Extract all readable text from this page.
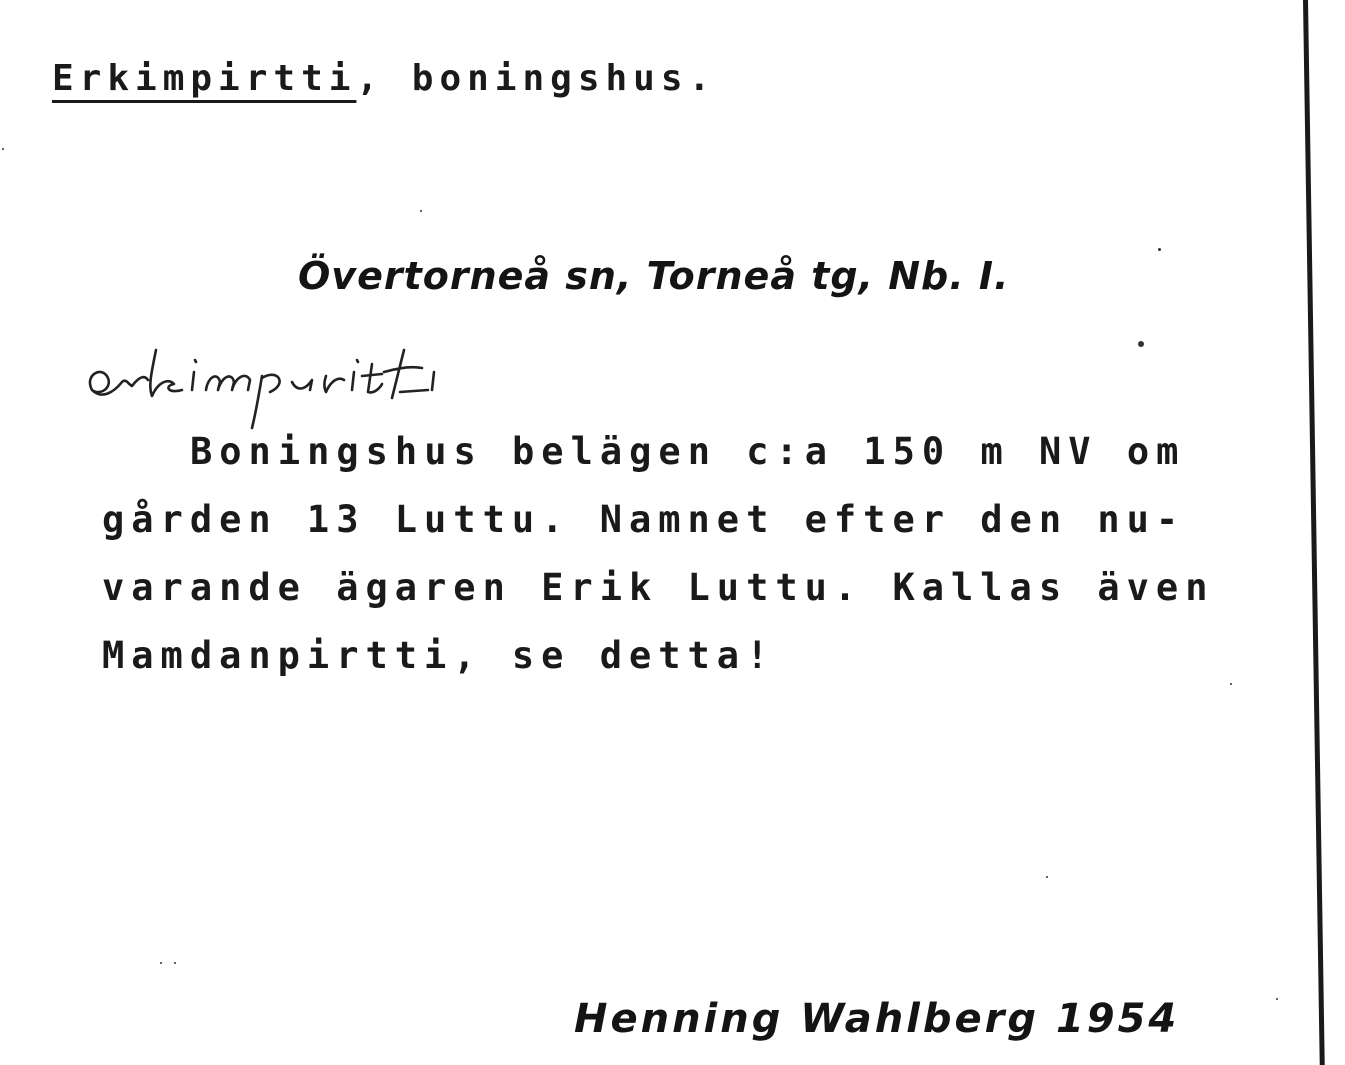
Erkimpirtti, boningshus.
Övertorneå sn, Torneå tg, Nb. I.
Boningshus belägen c:a 150 m NV om
gården 13 Luttu. Namnet efter den nu-
varande ägaren Erik Luttu. Kallas även
Mamdanpirtti, se detta!
Henning Wahlberg 1954
